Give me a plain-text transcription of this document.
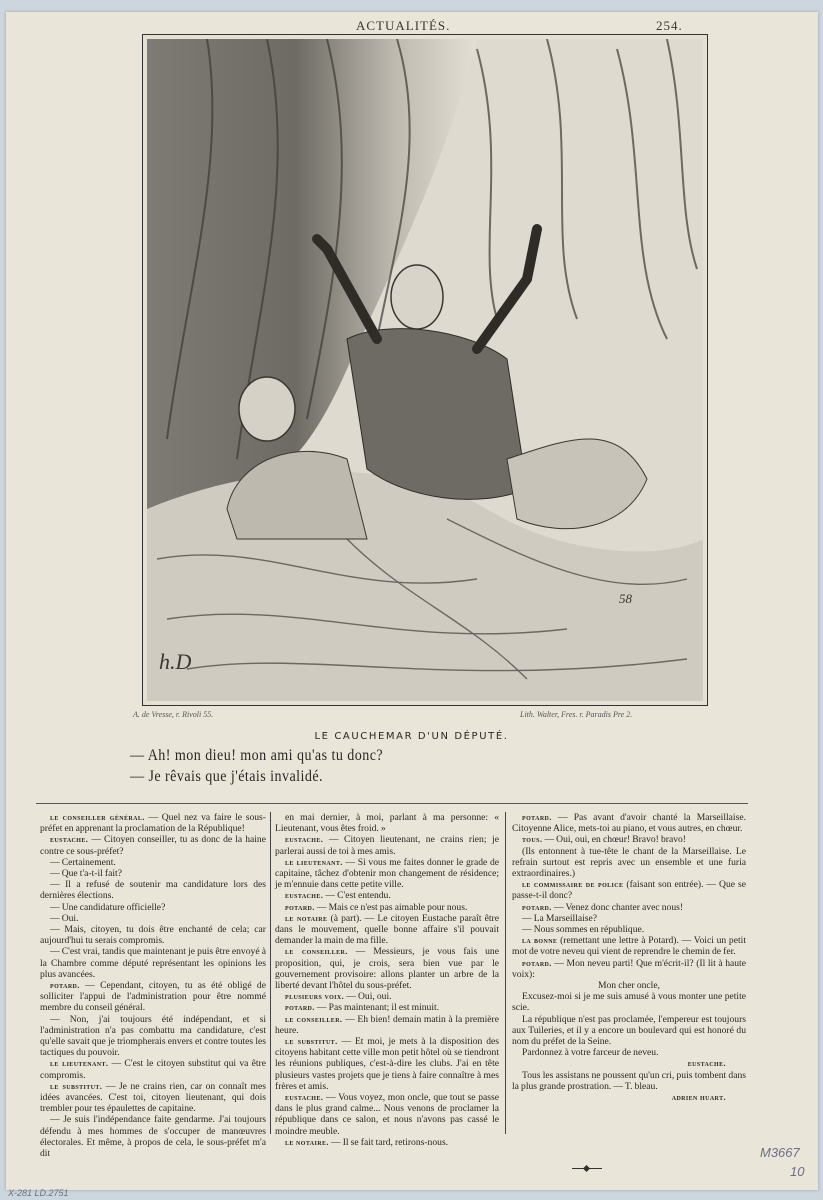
ACTUALITÉS.	254.
h.D
58
A. de Vresse, r. Rivoli 55.	Lith. Walter, Fres. r. Paradis Pre 2.
LE CAUCHEMAR D'UN DÉPUTÉ.
— Ah! mon dieu! mon ami qu'as tu donc?
— Je rêvais que j'étais invalidé.

le conseiller général. — Quel nez va faire le sous-préfet en apprenant la proclamation de la République!

eustache. — Citoyen conseiller, tu as donc de la haine contre ce sous-préfet?

— Certainement.

— Que t'a-t-il fait?

— Il a refusé de soutenir ma candidature lors des dernières élections.

— Une candidature officielle?

— Oui.

— Mais, citoyen, tu dois être enchanté de cela; car aujourd'hui tu serais compromis.

— C'est vrai, tandis que maintenant je puis être envoyé à la Chambre comme député représentant les opinions les plus avancées.

potard. — Cependant, citoyen, tu as été obligé de solliciter l'appui de l'administration pour être nommé membre du conseil général.

— Non, j'ai toujours été indépendant, et si l'administration n'a pas combattu ma candidature, c'est qu'elle savait que je triompherais envers et contre toutes les tactiques du pouvoir.

le lieutenant. — C'est le citoyen substitut qui va être compromis.

le substitut. — Je ne crains rien, car on connaît mes idées avancées. C'est toi, citoyen lieutenant, qui dois trembler pour tes épaulettes de capitaine.

— Je suis l'indépendance faite gendarme. J'ai toujours défendu à mes hommes de s'occuper de manœuvres électorales. Et même, à propos de cela, le sous-préfet m'a dit

en mai dernier, à moi, parlant à ma personne: « Lieutenant, vous êtes froid. »

eustache. — Citoyen lieutenant, ne crains rien; je parlerai aussi de toi à mes amis.

le lieutenant. — Si vous me faites donner le grade de capitaine, tâchez d'obtenir mon changement de résidence; je m'ennuie dans cette petite ville.

eustache. — C'est entendu.

potard. — Mais ce n'est pas aimable pour nous.

le notaire (à part). — Le citoyen Eustache paraît être dans le mouvement, quelle bonne affaire s'il pouvait demander la main de ma fille.

le conseiller. — Messieurs, je vous fais une proposition, qui, je crois, sera bien vue par le gouvernement provisoire: allons planter un arbre de la liberté devant l'hôtel du sous-préfet.

plusieurs voix. — Oui, oui.

potard. — Pas maintenant; il est minuit.

le conseiller. — Eh bien! demain matin à la première heure.

le substitut. — Et moi, je mets à la disposition des citoyens habitant cette ville mon petit hôtel où se tiendront les réunions publiques, c'est-à-dire les clubs. J'ai en tête plusieurs vastes projets que je tiens à faire connaître à mes frères et amis.

eustache. — Vous voyez, mon oncle, que tout se passe dans le plus grand calme... Nous venons de proclamer la république dans ce salon, et nous n'avons pas cassé le moindre meuble.

le notaire. — Il se fait tard, retirons-nous.

potard. — Pas avant d'avoir chanté la Marseillaise. Citoyenne Alice, mets-toi au piano, et vous autres, en chœur.

tous. — Oui, oui, en chœur! Bravo! bravo!

(Ils entonnent à tue-tête le chant de la Marseillaise. Le refrain surtout est repris avec un ensemble et une furia extraordinaires.)

le commissaire de police (faisant son entrée). — Que se passe-t-il donc?

potard. — Venez donc chanter avec nous!

— La Marseillaise?

— Nous sommes en république.

la bonne (remettant une lettre à Potard). — Voici un petit mot de votre neveu qui vient de reprendre le chemin de fer.

potard. — Mon neveu parti! Que m'écrit-il? (Il lit à haute voix):

Mon cher oncle,

Excusez-moi si je me suis amusé à vous monter une petite scie.

La république n'est pas proclamée, l'empereur est toujours aux Tuileries, et il y a encore un boulevard qui est honoré du nom du préfet de la Seine.

Pardonnez à votre farceur de neveu.

eustache.

Tous les assistans ne poussent qu'un cri, puis tombent dans la plus grande prostration. — T. bleau.

adrien huart.

X-281 LD.2751
M3667
10
